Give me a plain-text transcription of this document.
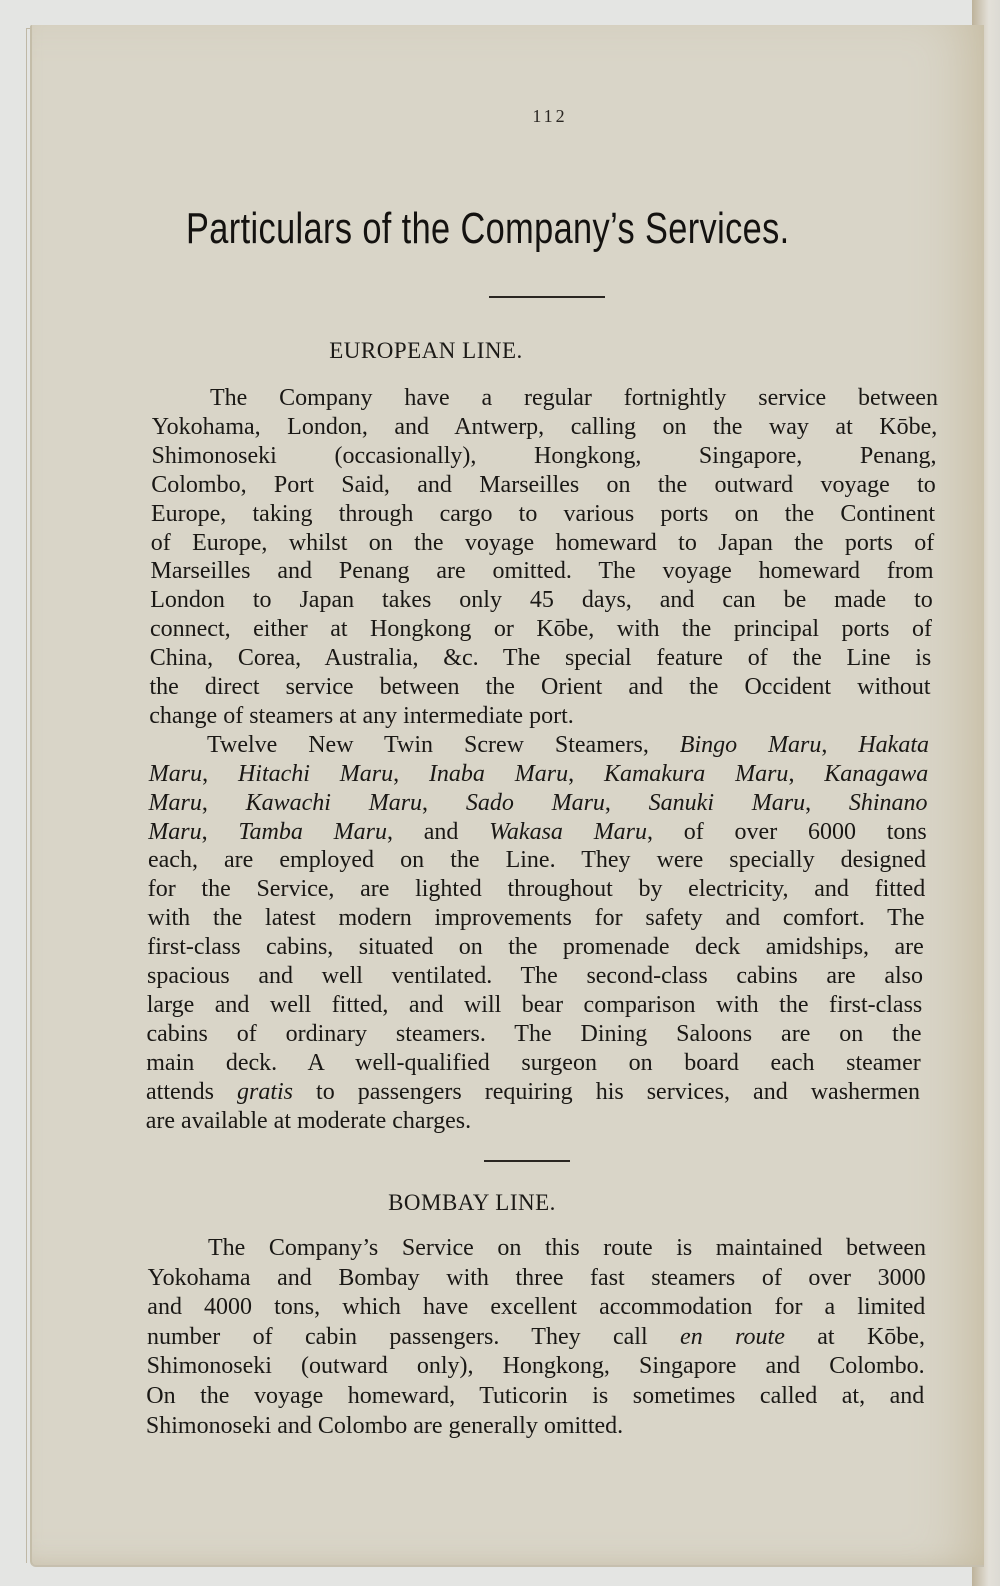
112
Particulars of the Company’s Services.
EUROPEAN LINE.
The Company have a regular fortnightly service between
Yokohama, London, and Antwerp, calling on the way at Kōbe,
Shimonoseki (occasionally), Hongkong, Singapore, Penang,
Colombo, Port Said, and Marseilles on the outward voyage to
Europe, taking through cargo to various ports on the Continent
of Europe, whilst on the voyage homeward to Japan the ports of
Marseilles and Penang are omitted. The voyage homeward from
London to Japan takes only 45 days, and can be made to
connect, either at Hongkong or Kōbe, with the principal ports of
China, Corea, Australia, &c. The special feature of the Line is
the direct service between the Orient and the Occident without
change of steamers at any intermediate port.
Twelve New Twin Screw Steamers, Bingo Maru, Hakata
Maru, Hitachi Maru, Inaba Maru, Kamakura Maru, Kanagawa
Maru, Kawachi Maru, Sado Maru, Sanuki Maru, Shinano
Maru, Tamba Maru, and Wakasa Maru, of over 6000 tons
each, are employed on the Line. They were specially designed
for the Service, are lighted throughout by electricity, and fitted
with the latest modern improvements for safety and comfort. The
first-class cabins, situated on the promenade deck amidships, are
spacious and well ventilated. The second-class cabins are also
large and well fitted, and will bear comparison with the first-class
cabins of ordinary steamers. The Dining Saloons are on the
main deck. A well-qualified surgeon on board each steamer
attends gratis to passengers requiring his services, and washermen
are available at moderate charges.
BOMBAY LINE.
The Company’s Service on this route is maintained between
Yokohama and Bombay with three fast steamers of over 3000
and 4000 tons, which have excellent accommodation for a limited
number of cabin passengers. They call en route at Kōbe,
Shimonoseki (outward only), Hongkong, Singapore and Colombo.
On the voyage homeward, Tuticorin is sometimes called at, and
Shimonoseki and Colombo are generally omitted.
